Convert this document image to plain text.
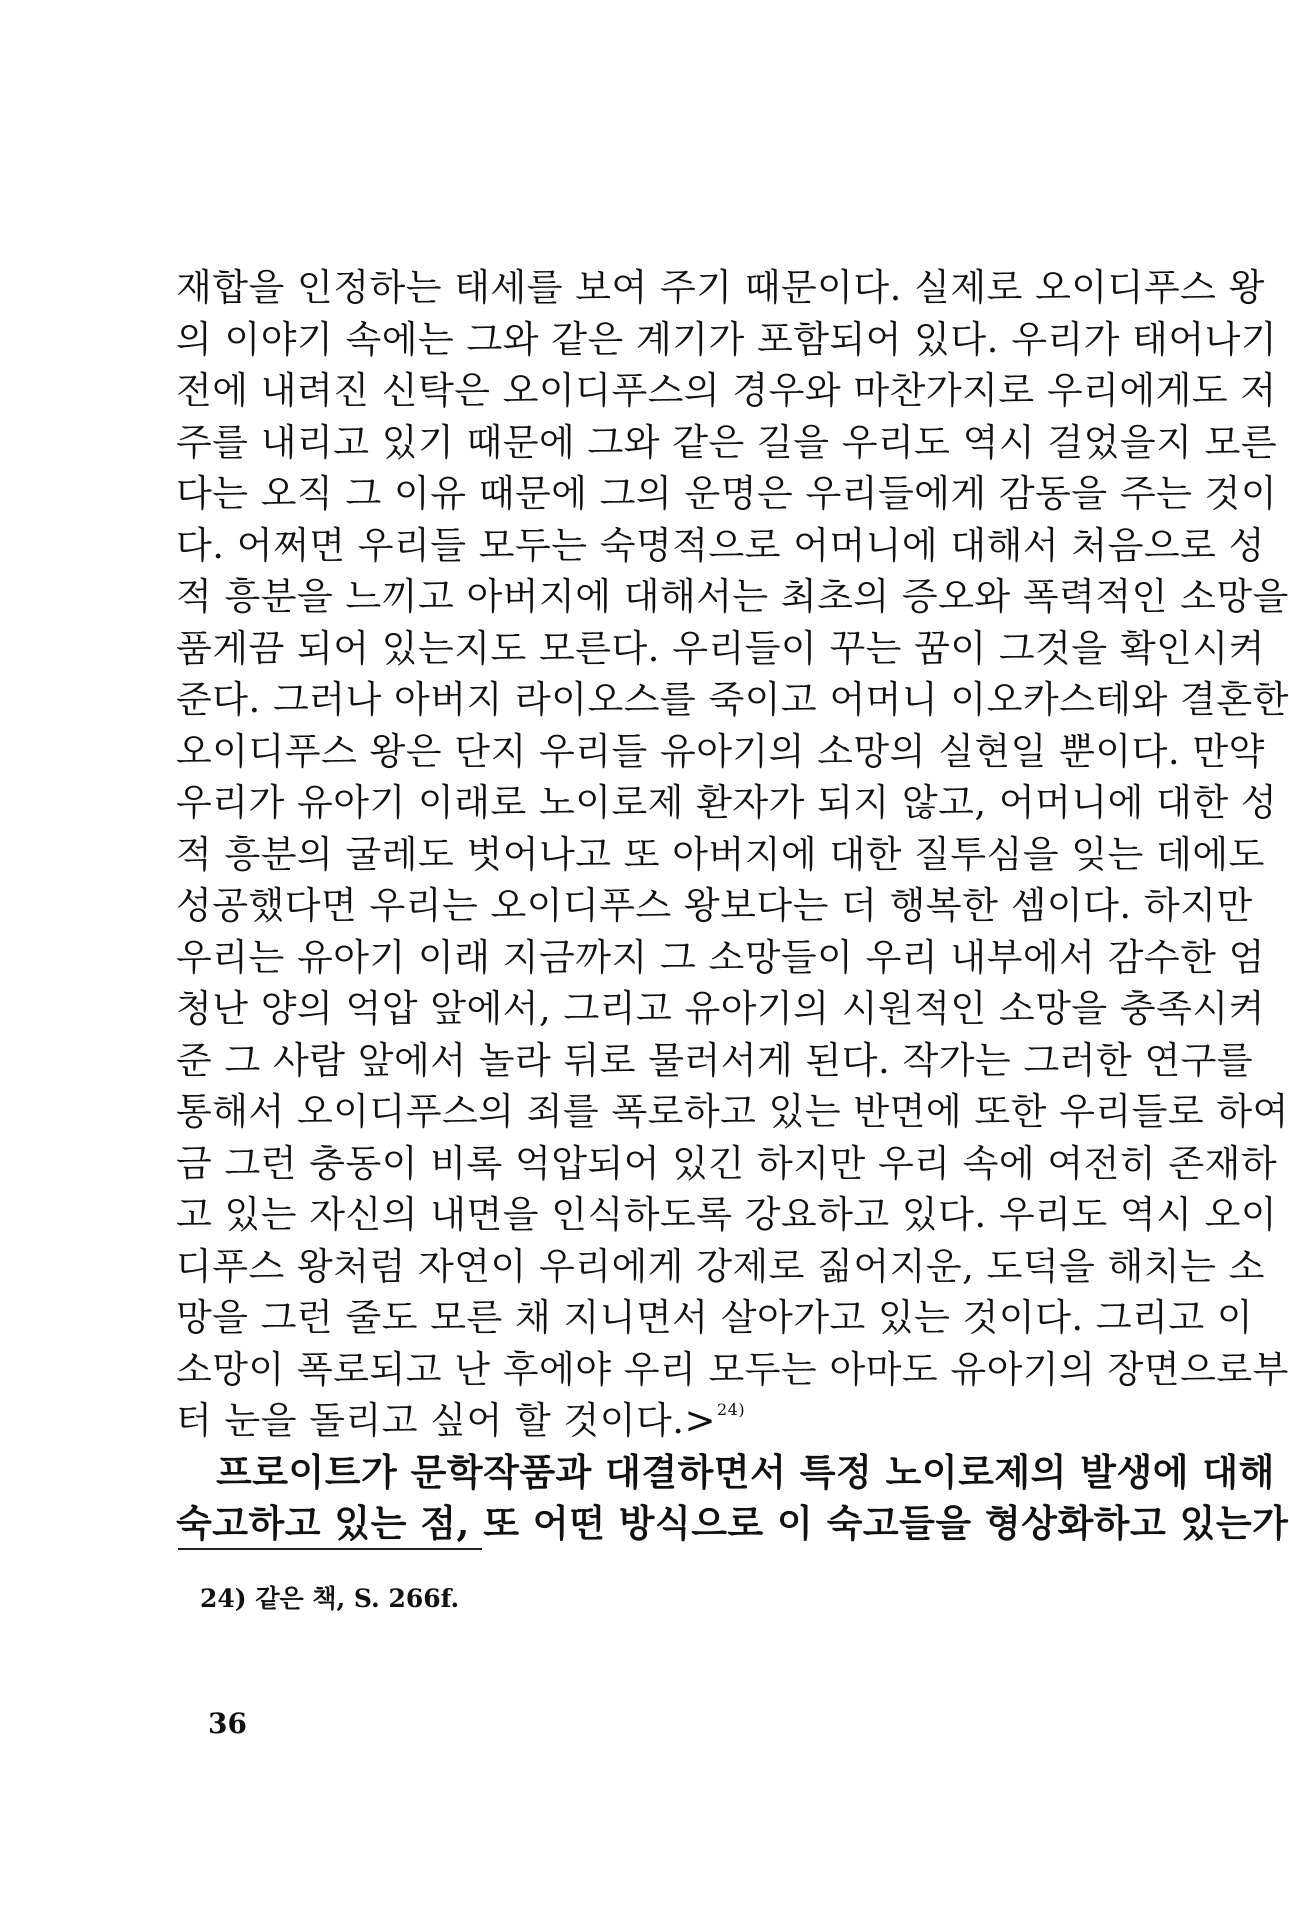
재합을 인정하는 태세를 보여 주기 때문이다. 실제로 오이디푸스 왕
의 이야기 속에는 그와 같은 계기가 포함되어 있다. 우리가 태어나기
전에 내려진 신탁은 오이디푸스의 경우와 마찬가지로 우리에게도 저
주를 내리고 있기 때문에 그와 같은 길을 우리도 역시 걸었을지 모른
다는 오직 그 이유 때문에 그의 운명은 우리들에게 감동을 주는 것이
다. 어쩌면 우리들 모두는 숙명적으로 어머니에 대해서 처음으로 성
적 흥분을 느끼고 아버지에 대해서는 최초의 증오와 폭력적인 소망을
품게끔 되어 있는지도 모른다. 우리들이 꾸는 꿈이 그것을 확인시켜
준다. 그러나 아버지 라이오스를 죽이고 어머니 이오카스테와 결혼한
오이디푸스 왕은 단지 우리들 유아기의 소망의 실현일 뿐이다. 만약
우리가 유아기 이래로 노이로제 환자가 되지 않고, 어머니에 대한 성
적 흥분의 굴레도 벗어나고 또 아버지에 대한 질투심을 잊는 데에도
성공했다면 우리는 오이디푸스 왕보다는 더 행복한 셈이다. 하지만
우리는 유아기 이래 지금까지 그 소망들이 우리 내부에서 감수한 엄
청난 양의 억압 앞에서, 그리고 유아기의 시원적인 소망을 충족시켜
준 그 사람 앞에서 놀라 뒤로 물러서게 된다. 작가는 그러한 연구를
통해서 오이디푸스의 죄를 폭로하고 있는 반면에 또한 우리들로 하여
금 그런 충동이 비록 억압되어 있긴 하지만 우리 속에 여전히 존재하
고 있는 자신의 내면을 인식하도록 강요하고 있다. 우리도 역시 오이
디푸스 왕처럼 자연이 우리에게 강제로 짊어지운, 도덕을 해치는 소
망을 그런 줄도 모른 채 지니면서 살아가고 있는 것이다. 그리고 이
소망이 폭로되고 난 후에야 우리 모두는 아마도 유아기의 장면으로부
터 눈을 돌리고 싶어 할 것이다.>$^{24)}$
프로이트가 문학작품과 대결하면서 특정 노이로제의 발생에 대해
숙고하고 있는 점, 또 어떤 방식으로 이 숙고들을 형상화하고 있는가
24) 같은 책, S. 266f.
36
